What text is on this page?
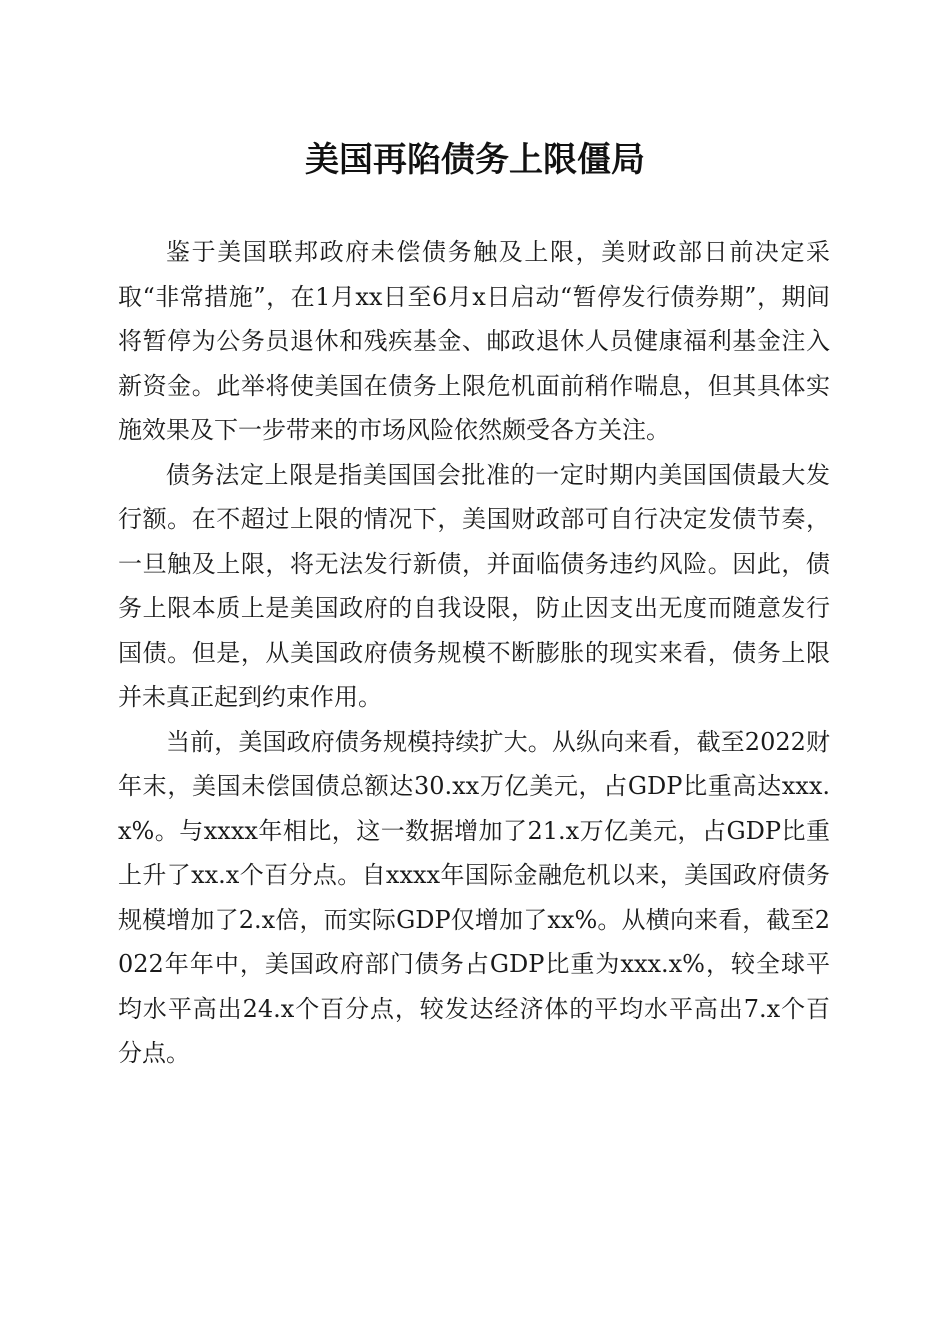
美国再陷债务上限僵局

鉴于美国联邦政府未偿债务触及上限，美财政部日前决定采取“非常措施”，在1月xx日至6月x日启动“暂停发行债券期”，期间将暂停为公务员退休和残疾基金、邮政退休人员健康福利基金注入新资金。此举将使美国在债务上限危机面前稍作喘息，但其具体实施效果及下一步带来的市场风险依然颇受各方关注。

债务法定上限是指美国国会批准的一定时期内美国国债最大发行额。在不超过上限的情况下，美国财政部可自行决定发债节奏，一旦触及上限，将无法发行新债，并面临债务违约风险。因此，债务上限本质上是美国政府的自我设限，防止因支出无度而随意发行国债。但是，从美国政府债务规模不断膨胀的现实来看，债务上限并未真正起到约束作用。

当前，美国政府债务规模持续扩大。从纵向来看，截至2022财年末，美国未偿国债总额达30.xx万亿美元，占GDP比重高达xxx.x%。与xxxx年相比，这一数据增加了21.x万亿美元，占GDP比重上升了xx.x个百分点。自xxxx年国际金融危机以来，美国政府债务规模增加了2.x倍，而实际GDP仅增加了xx%。从横向来看，截至2022年年中，美国政府部门债务占GDP比重为xxx.x%，较全球平均水平高出24.x个百分点，较发达经济体的平均水平高出7.x个百分点。
